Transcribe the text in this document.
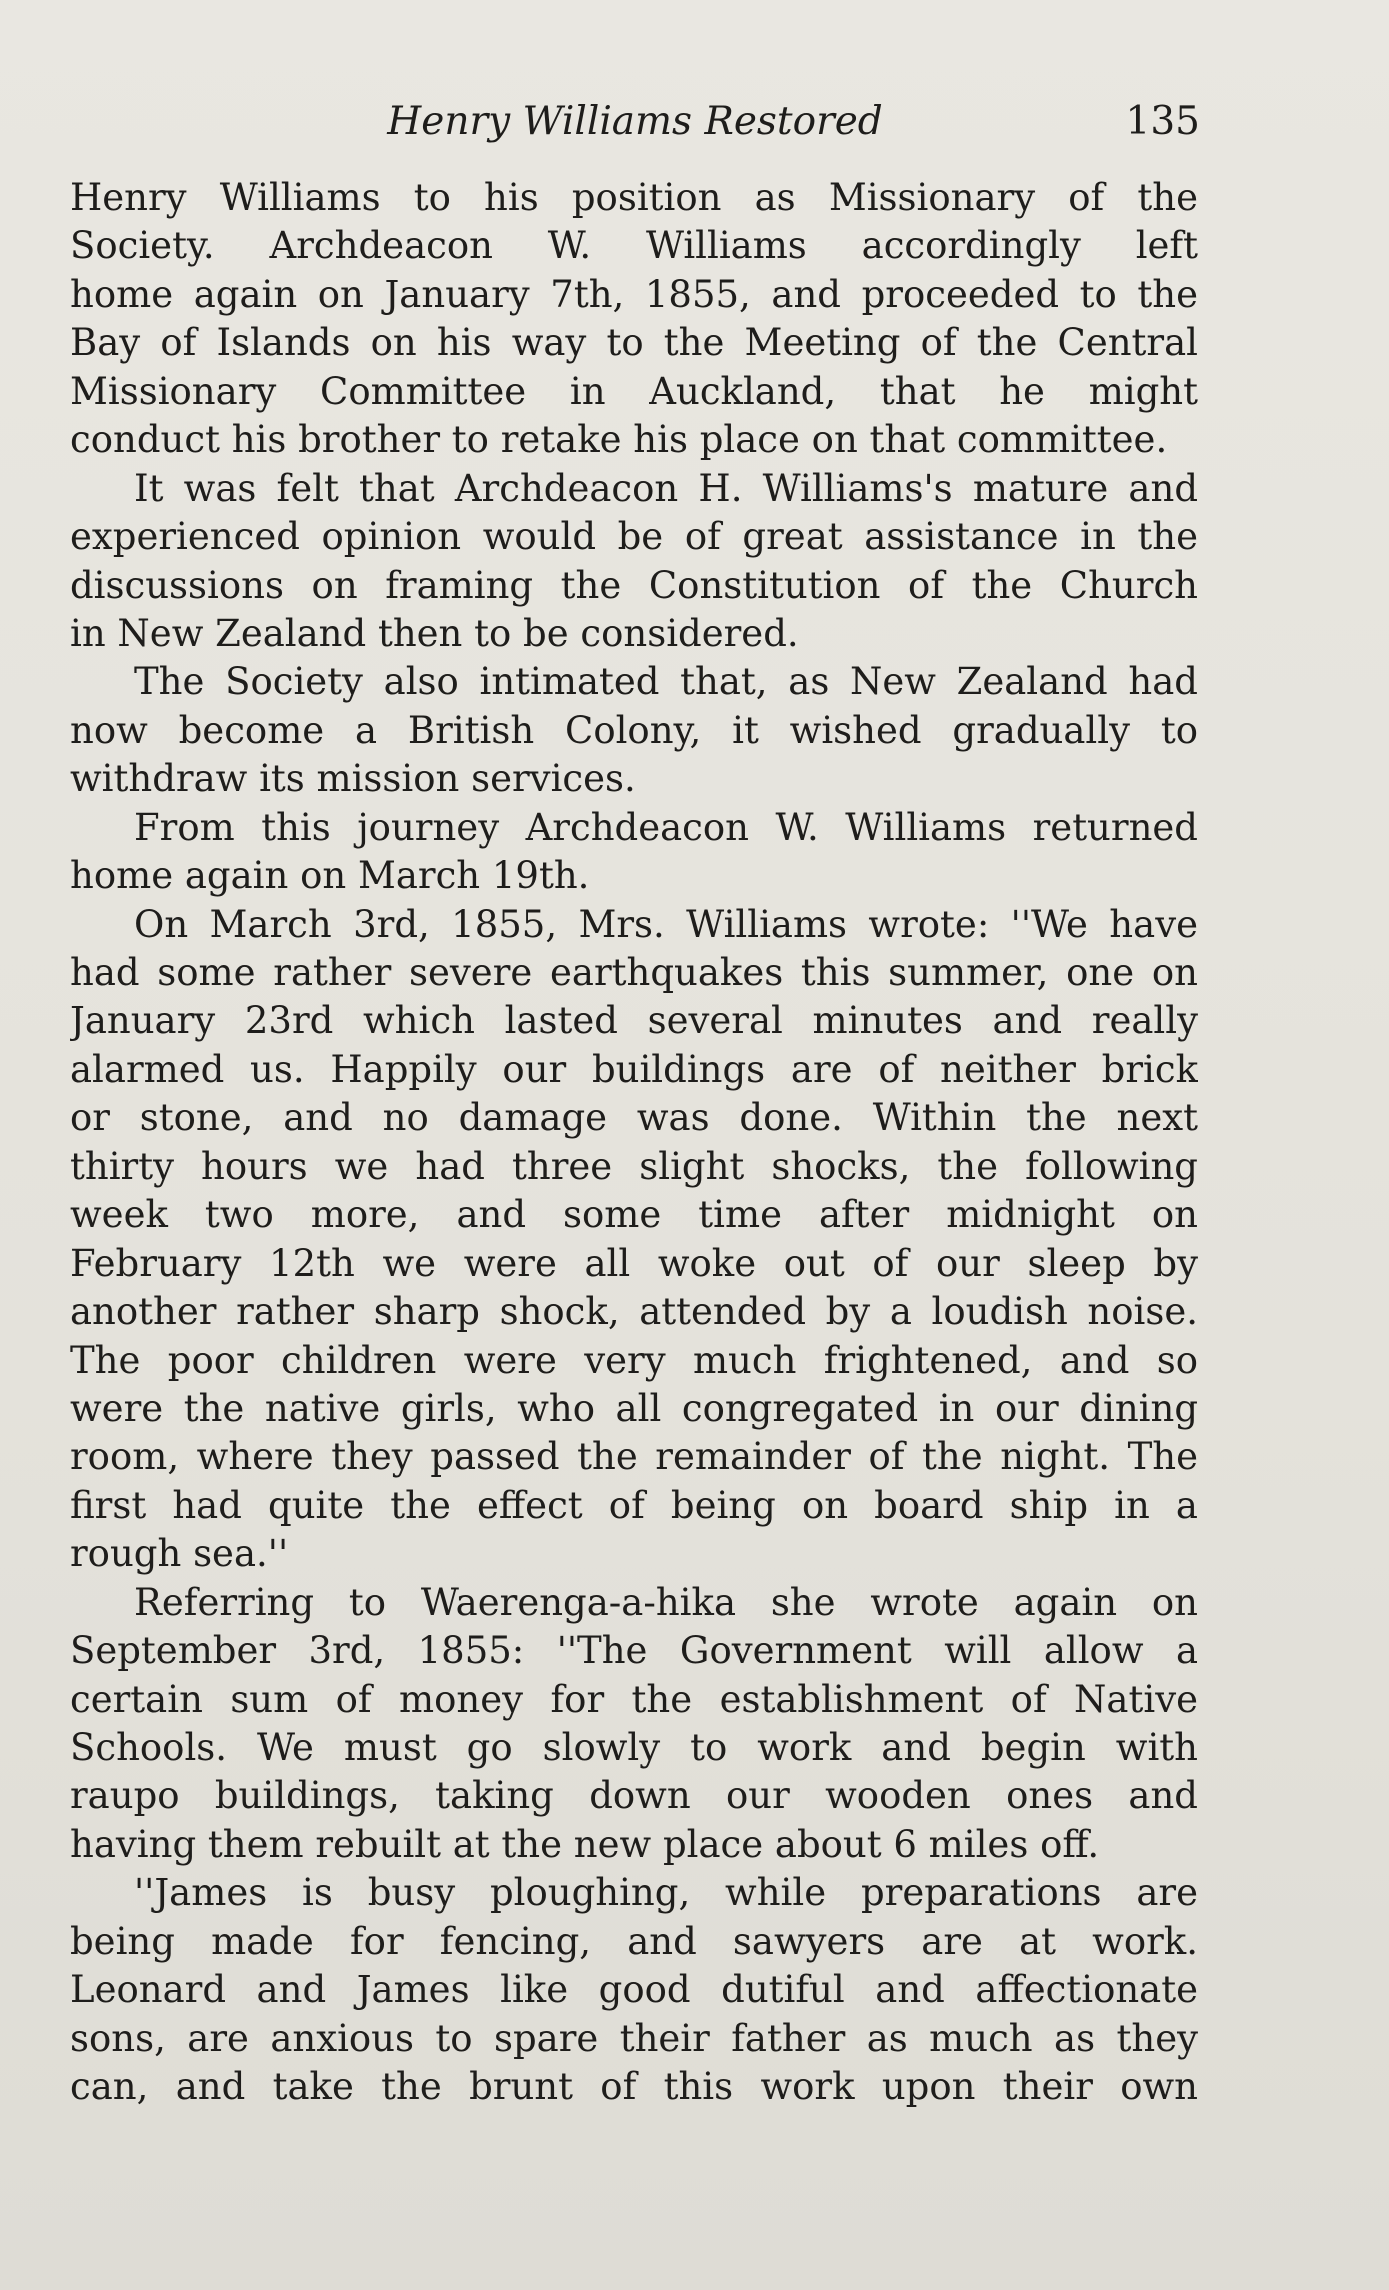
Henry Williams Restored	135
Henry Williams to his position as Missionary of the
Society. Archdeacon W. Williams accordingly left
home again on January 7th, 1855, and proceeded to the
Bay of Islands on his way to the Meeting of the Central
Missionary Committee in Auckland, that he might
conduct his brother to retake his place on that committee.
It was felt that Archdeacon H. Williams's mature and
experienced opinion would be of great assistance in the
discussions on framing the Constitution of the Church
in New Zealand then to be considered.
The Society also intimated that, as New Zealand had
now become a British Colony, it wished gradually to
withdraw its mission services.
From this journey Archdeacon W. Williams returned
home again on March 19th.
On March 3rd, 1855, Mrs. Williams wrote: ''We have
had some rather severe earthquakes this summer, one on
January 23rd which lasted several minutes and really
alarmed us. Happily our buildings are of neither brick
or stone, and no damage was done. Within the next
thirty hours we had three slight shocks, the following
week two more, and some time after midnight on
February 12th we were all woke out of our sleep by
another rather sharp shock, attended by a loudish noise.
The poor children were very much frightened, and so
were the native girls, who all congregated in our dining
room, where they passed the remainder of the night. The
first had quite the effect of being on board ship in a
rough sea.''
Referring to Waerenga-a-hika she wrote again on
September 3rd, 1855: ''The Government will allow a
certain sum of money for the establishment of Native
Schools. We must go slowly to work and begin with
raupo buildings, taking down our wooden ones and
having them rebuilt at the new place about 6 miles off.
''James is busy ploughing, while preparations are
being made for fencing, and sawyers are at work.
Leonard and James like good dutiful and affectionate
sons, are anxious to spare their father as much as they
can, and take the brunt of this work upon their own
